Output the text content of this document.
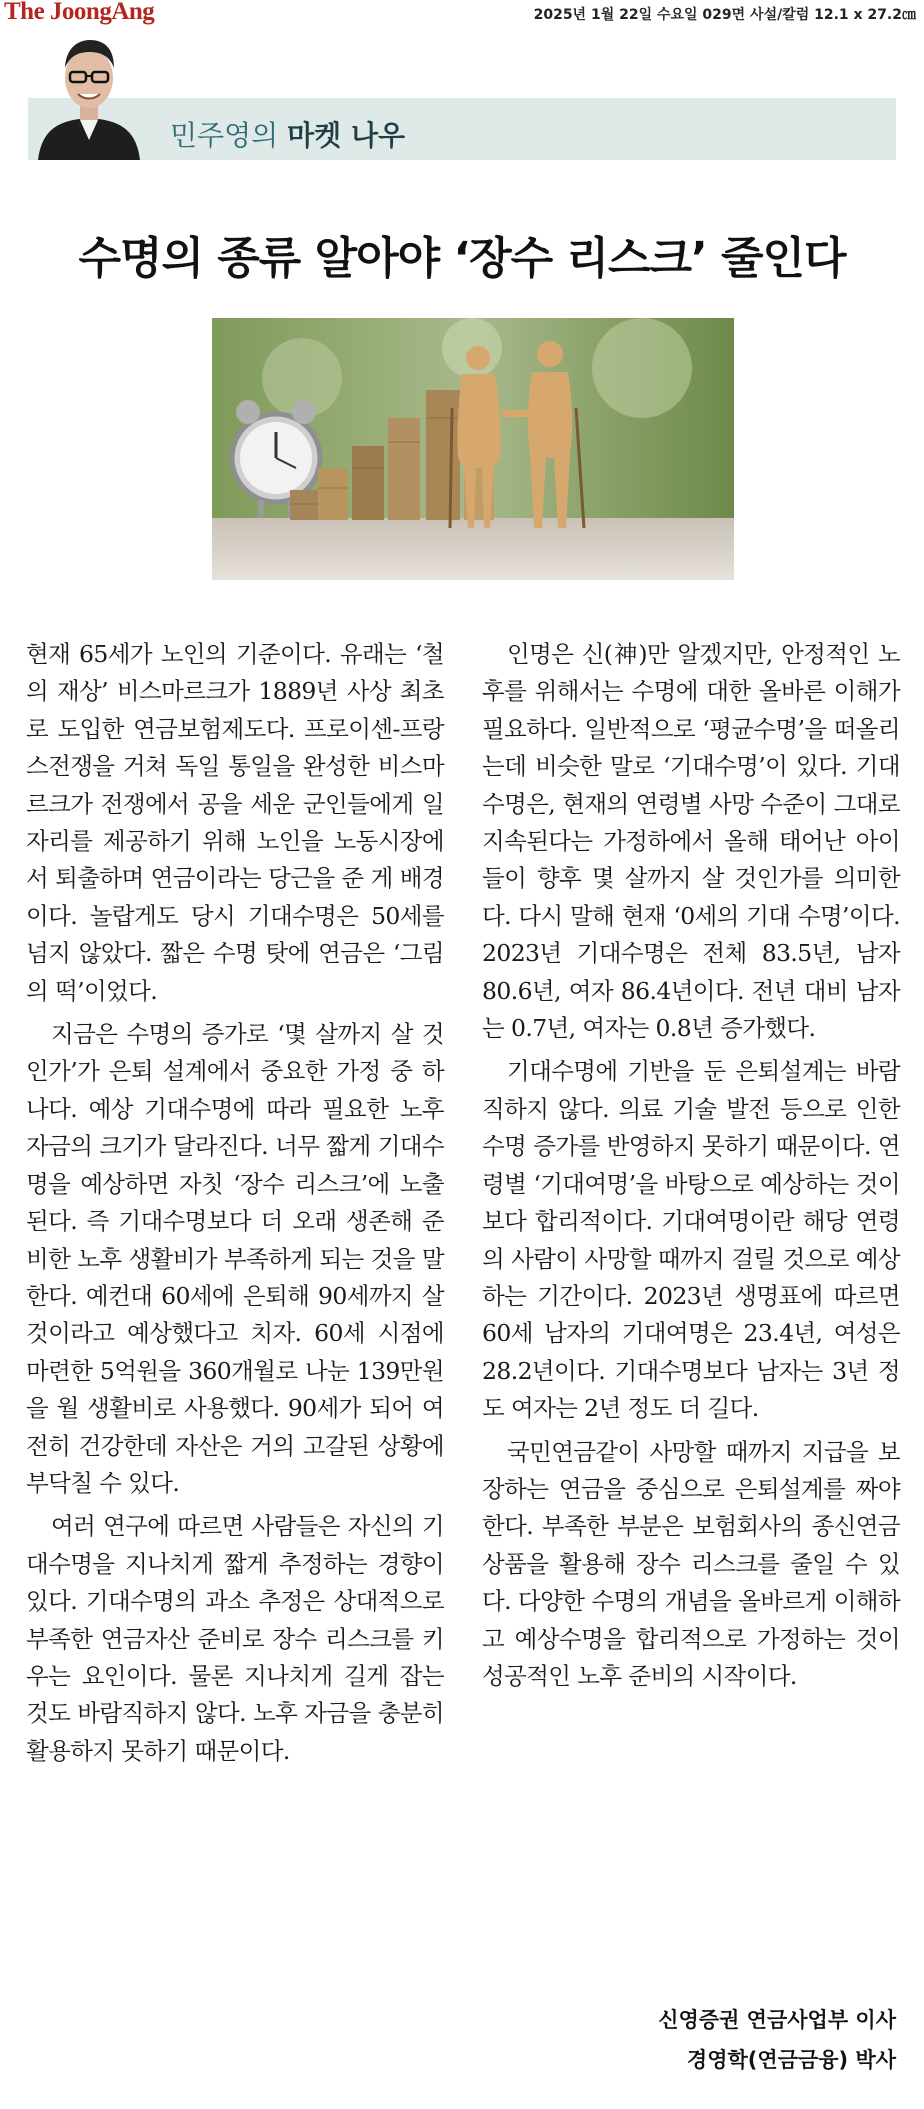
The JoongAng	2025년 1월 22일 수요일 029면 사설/칼럼 12.1 x 27.2㎝
민주영의 마켓 나우
수명의 종류 알아야 ‘장수 리스크’ 줄인다

현재 65세가 노인의 기준이다. 유래는 ‘철의 재상’ 비스마르크가 1889년 사상 최초로 도입한 연금보험제도다. 프로이센-프랑스전쟁을 거쳐 독일 통일을 완성한 비스마르크가 전쟁에서 공을 세운 군인들에게 일자리를 제공하기 위해 노인을 노동시장에서 퇴출하며 연금이라는 당근을 준 게 배경이다. 놀랍게도 당시 기대수명은 50세를 넘지 않았다. 짧은 수명 탓에 연금은 ‘그림의 떡’이었다.

지금은 수명의 증가로 ‘몇 살까지 살 것인가’가 은퇴 설계에서 중요한 가정 중 하나다. 예상 기대수명에 따라 필요한 노후 자금의 크기가 달라진다. 너무 짧게 기대수명을 예상하면 자칫 ‘장수 리스크’에 노출된다. 즉 기대수명보다 더 오래 생존해 준비한 노후 생활비가 부족하게 되는 것을 말한다. 예컨대 60세에 은퇴해 90세까지 살 것이라고 예상했다고 치자. 60세 시점에 마련한 5억원을 360개월로 나눈 139만원을 월 생활비로 사용했다. 90세가 되어 여전히 건강한데 자산은 거의 고갈된 상황에 부닥칠 수 있다.

여러 연구에 따르면 사람들은 자신의 기대수명을 지나치게 짧게 추정하는 경향이 있다. 기대수명의 과소 추정은 상대적으로 부족한 연금자산 준비로 장수 리스크를 키우는 요인이다. 물론 지나치게 길게 잡는 것도 바람직하지 않다. 노후 자금을 충분히 활용하지 못하기 때문이다.

인명은 신(神)만 알겠지만, 안정적인 노후를 위해서는 수명에 대한 올바른 이해가 필요하다. 일반적으로 ‘평균수명’을 떠올리는데 비슷한 말로 ‘기대수명’이 있다. 기대수명은, 현재의 연령별 사망 수준이 그대로 지속된다는 가정하에서 올해 태어난 아이들이 향후 몇 살까지 살 것인가를 의미한다. 다시 말해 현재 ‘0세의 기대 수명’이다. 2023년 기대수명은 전체 83.5년, 남자 80.6년, 여자 86.4년이다. 전년 대비 남자는 0.7년, 여자는 0.8년 증가했다.

기대수명에 기반을 둔 은퇴설계는 바람직하지 않다. 의료 기술 발전 등으로 인한 수명 증가를 반영하지 못하기 때문이다. 연령별 ‘기대여명’을 바탕으로 예상하는 것이 보다 합리적이다. 기대여명이란 해당 연령의 사람이 사망할 때까지 걸릴 것으로 예상하는 기간이다. 2023년 생명표에 따르면 60세 남자의 기대여명은 23.4년, 여성은 28.2년이다. 기대수명보다 남자는 3년 정도 여자는 2년 정도 더 길다.

국민연금같이 사망할 때까지 지급을 보장하는 연금을 중심으로 은퇴설계를 짜야 한다. 부족한 부분은 보험회사의 종신연금 상품을 활용해 장수 리스크를 줄일 수 있다. 다양한 수명의 개념을 올바르게 이해하고 예상수명을 합리적으로 가정하는 것이 성공적인 노후 준비의 시작이다.

신영증권 연금사업부 이사
경영학(연금금융) 박사
